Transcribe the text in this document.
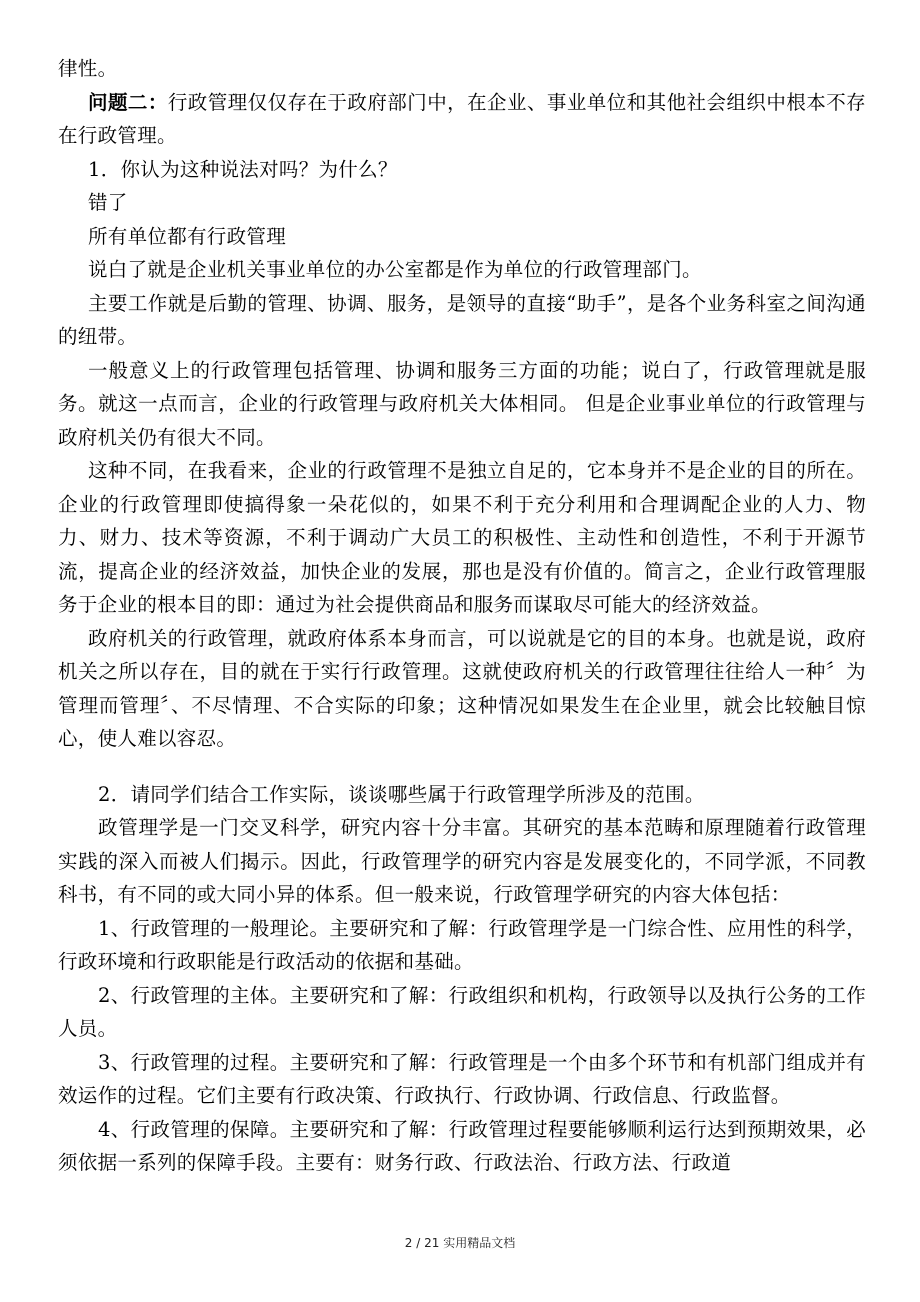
律性。

问题二：行政管理仅仅存在于政府部门中，在企业、事业单位和其他社会组织中根本不存在行政管理。

1．你认为这种说法对吗？为什么？

错了

所有单位都有行政管理

说白了就是企业机关事业单位的办公室都是作为单位的行政管理部门。

主要工作就是后勤的管理、协调、服务，是领导的直接“助手”，是各个业务科室之间沟通的纽带。

一般意义上的行政管理包括管理、协调和服务三方面的功能；说白了，行政管理就是服务。就这一点而言，企业的行政管理与政府机关大体相同。 但是企业事业单位的行政管理与政府机关仍有很大不同。

这种不同，在我看来，企业的行政管理不是独立自足的，它本身并不是企业的目的所在。企业的行政管理即使搞得象一朵花似的，如果不利于充分利用和合理调配企业的人力、物力、财力、技术等资源，不利于调动广大员工的积极性、主动性和创造性，不利于开源节流，提高企业的经济效益，加快企业的发展，那也是没有价值的。简言之，企业行政管理服务于企业的根本目的即：通过为社会提供商品和服务而谋取尽可能大的经济效益。

政府机关的行政管理，就政府体系本身而言，可以说就是它的目的本身。也就是说，政府机关之所以存在，目的就在于实行行政管理。这就使政府机关的行政管理往往给人一种〞为管理而管理〞、不尽情理、不合实际的印象；这种情况如果发生在企业里，就会比较触目惊心，使人难以容忍。

2．请同学们结合工作实际，谈谈哪些属于行政管理学所涉及的范围。

政管理学是一门交叉科学，研究内容十分丰富。其研究的基本范畴和原理随着行政管理实践的深入而被人们揭示。因此，行政管理学的研究内容是发展变化的，不同学派，不同教科书，有不同的或大同小异的体系。但一般来说，行政管理学研究的内容大体包括：

1、行政管理的一般理论。主要研究和了解：行政管理学是一门综合性、应用性的科学，行政环境和行政职能是行政活动的依据和基础。

2、行政管理的主体。主要研究和了解：行政组织和机构，行政领导以及执行公务的工作人员。

3、行政管理的过程。主要研究和了解：行政管理是一个由多个环节和有机部门组成并有效运作的过程。它们主要有行政决策、行政执行、行政协调、行政信息、行政监督。

4、行政管理的保障。主要研究和了解：行政管理过程要能够顺利运行达到预期效果，必须依据一系列的保障手段。主要有：财务行政、行政法治、行政方法、行政道

2 / 21 实用精品文档
